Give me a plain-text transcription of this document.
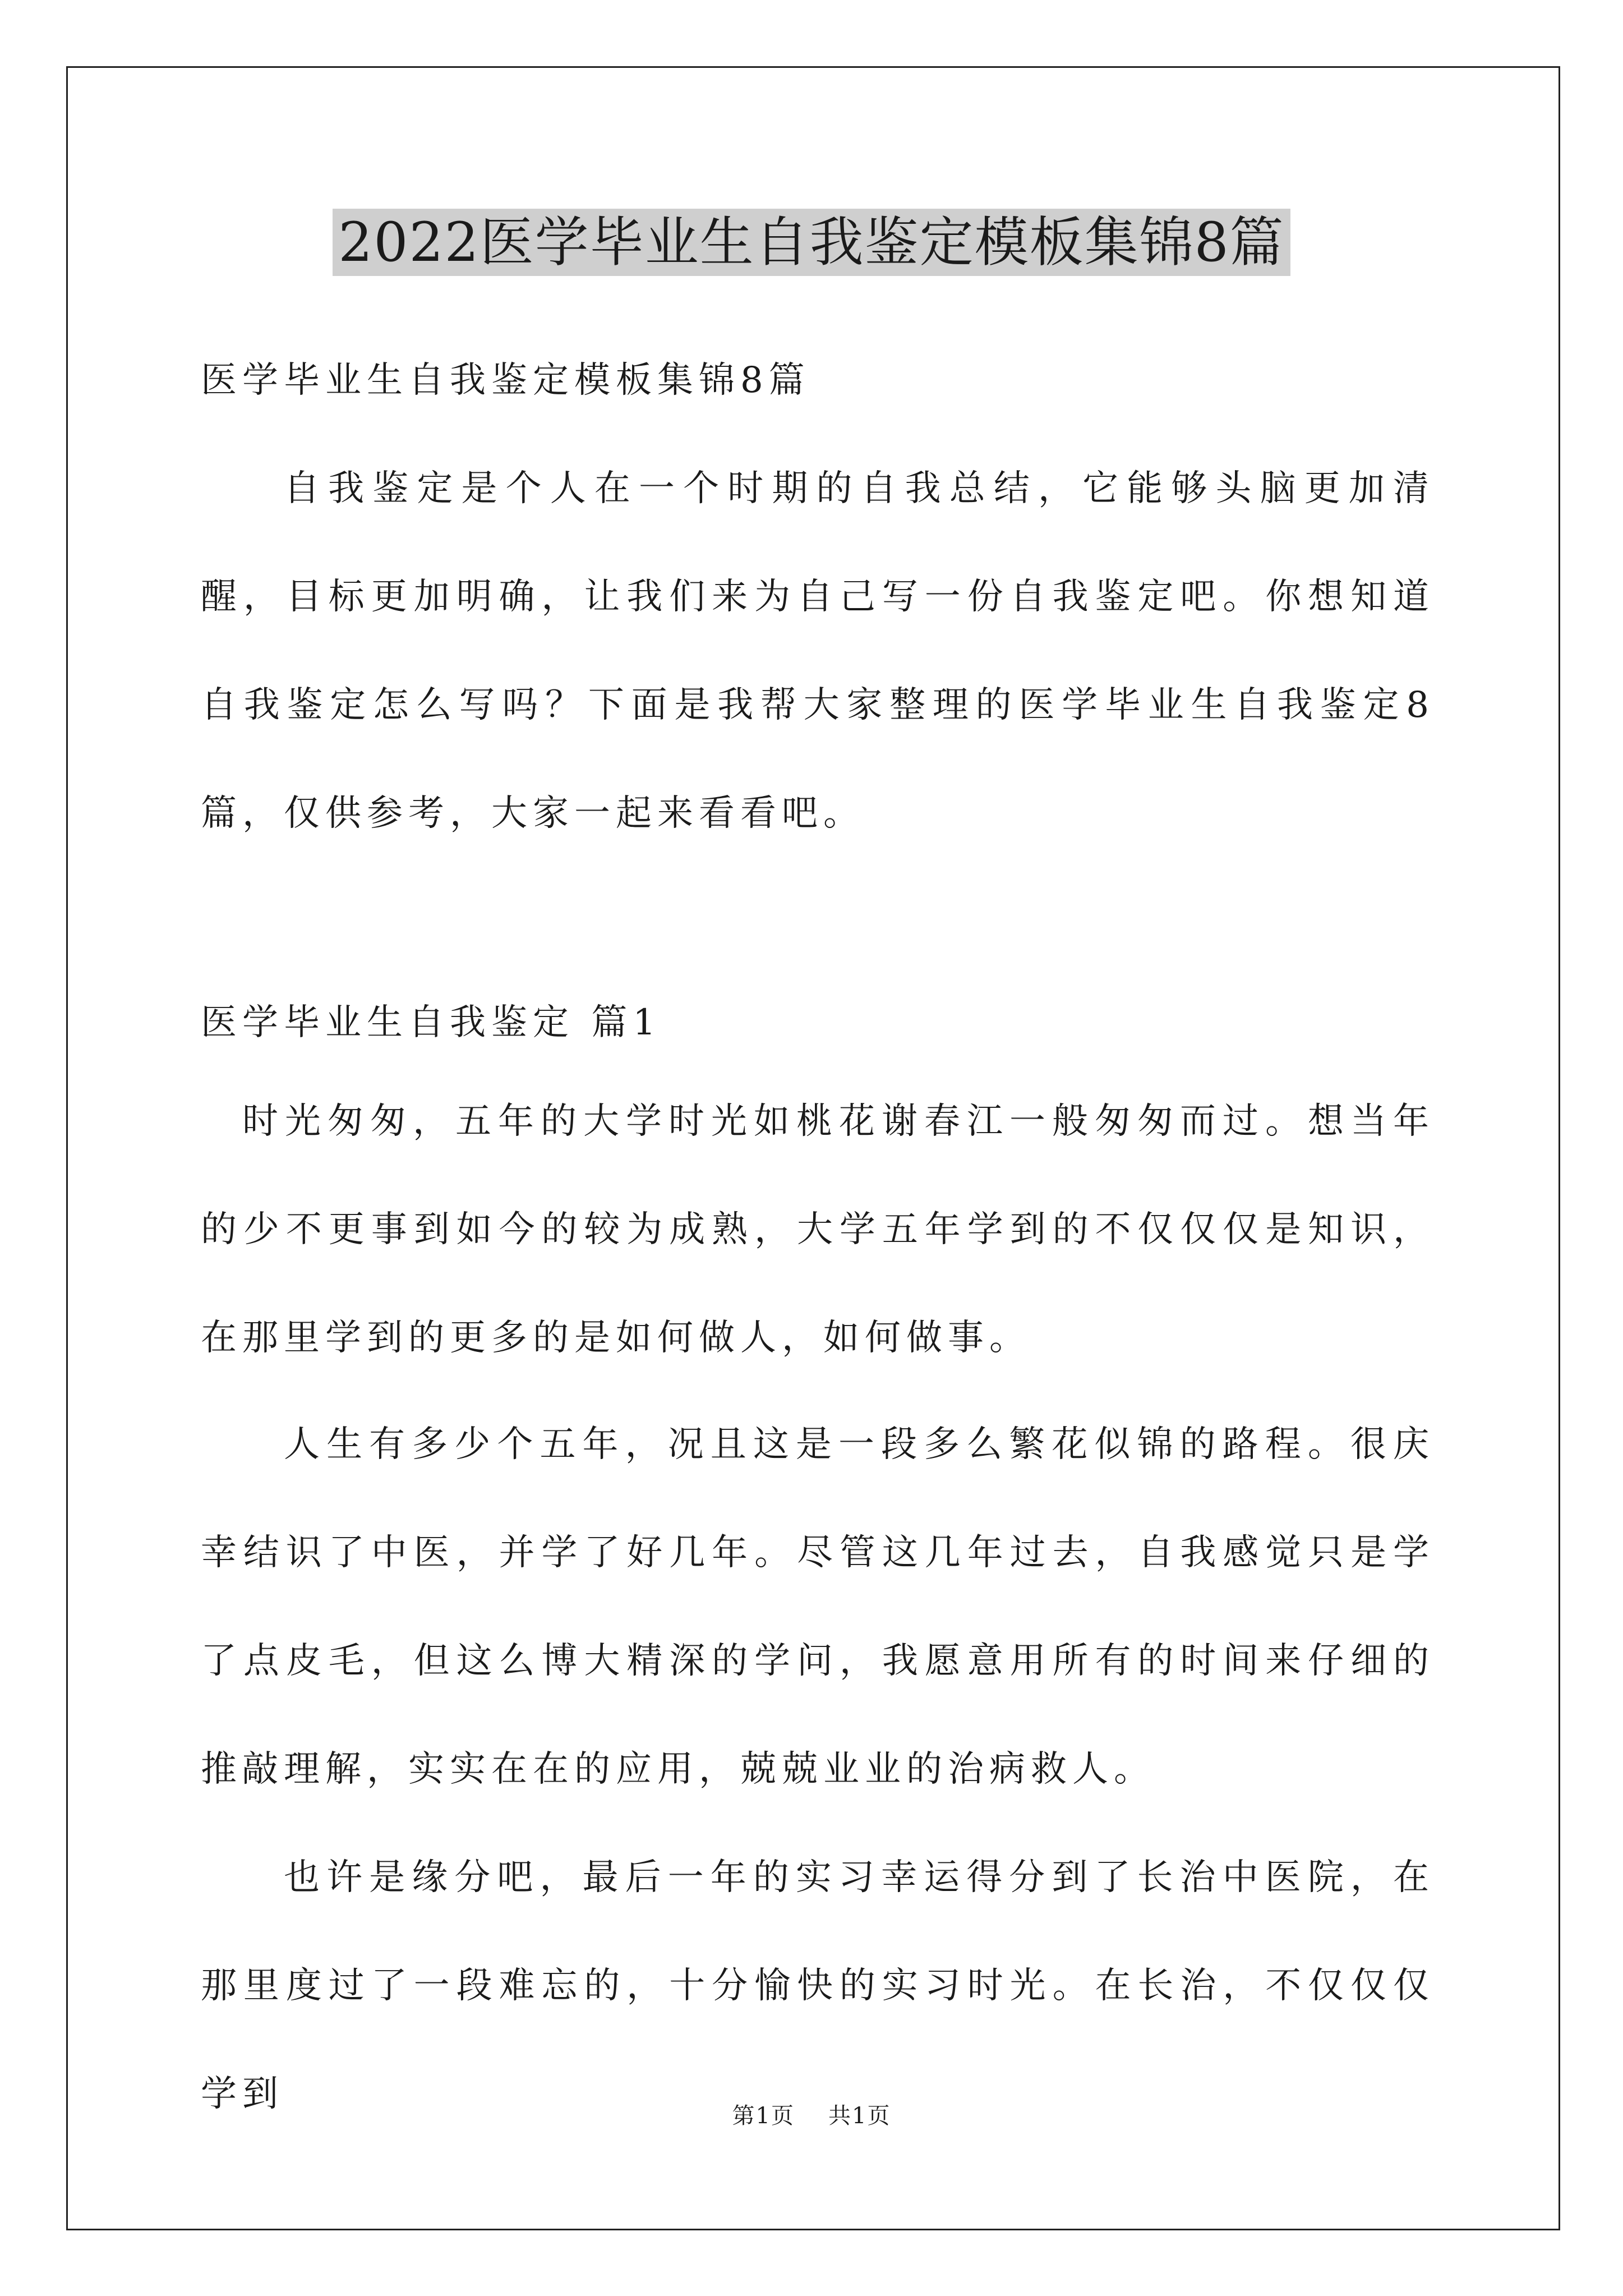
2022医学毕业生自我鉴定模板集锦8篇

医学毕业生自我鉴定模板集锦8篇

自我鉴定是个人在一个时期的自我总结，它能够头脑更加清醒，目标更加明确，让我们来为自己写一份自我鉴定吧。你想知道自我鉴定怎么写吗？下面是我帮大家整理的医学毕业生自我鉴定8篇，仅供参考，大家一起来看看吧。

医学毕业生自我鉴定 篇1

时光匆匆，五年的大学时光如桃花谢春江一般匆匆而过。想当年的少不更事到如今的较为成熟，大学五年学到的不仅仅仅是知识，在那里学到的更多的是如何做人，如何做事。

人生有多少个五年，况且这是一段多么繁花似锦的路程。很庆幸结识了中医，并学了好几年。尽管这几年过去，自我感觉只是学了点皮毛，但这么博大精深的学问，我愿意用所有的时间来仔细的推敲理解，实实在在的应用，兢兢业业的治病救人。

也许是缘分吧，最后一年的实习幸运得分到了长治中医院，在那里度过了一段难忘的，十分愉快的实习时光。在长治，不仅仅仅学到

第1页 共1页
